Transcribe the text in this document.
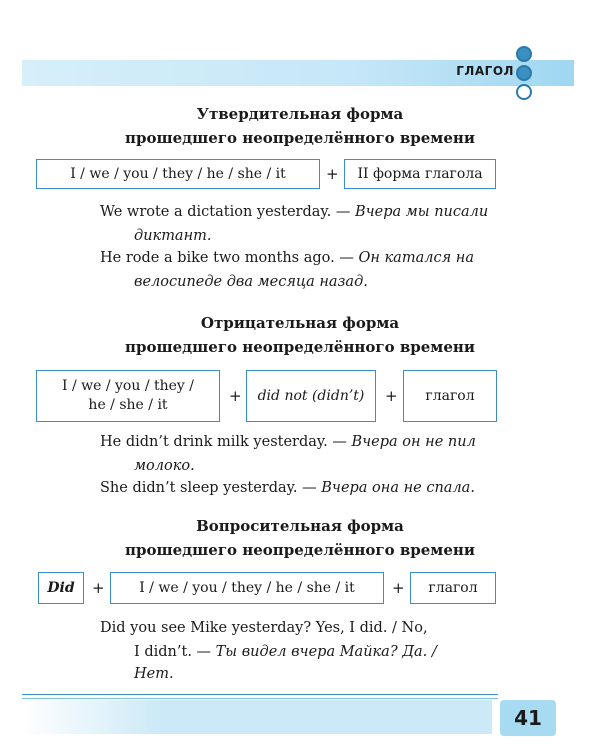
ГЛАГОЛ
Утвердительная форма
прошедшего неопределённого времени
I / we / you / they / he / she / it	+	II форма глагола
We wrote a dictation yesterday. — Вчера мы писали
диктант.
He rode a bike two months ago. — Он катался на
велосипеде два месяца назад.
Отрицательная форма
прошедшего неопределённого времени
I / we / you / they /
he / she / it	+	did not (didn’t)	+	глагол
He didn’t drink milk yesterday. — Вчера он не пил
молоко.
She didn’t sleep yesterday. — Вчера она не спала.
Вопросительная форма
прошедшего неопределённого времени
Did	+	I / we / you / they / he / she / it	+	глагол
Did you see Mike yesterday? Yes, I did. / No,
I didn’t. — Ты видел вчера Майка? Да. /
Нет.
41
